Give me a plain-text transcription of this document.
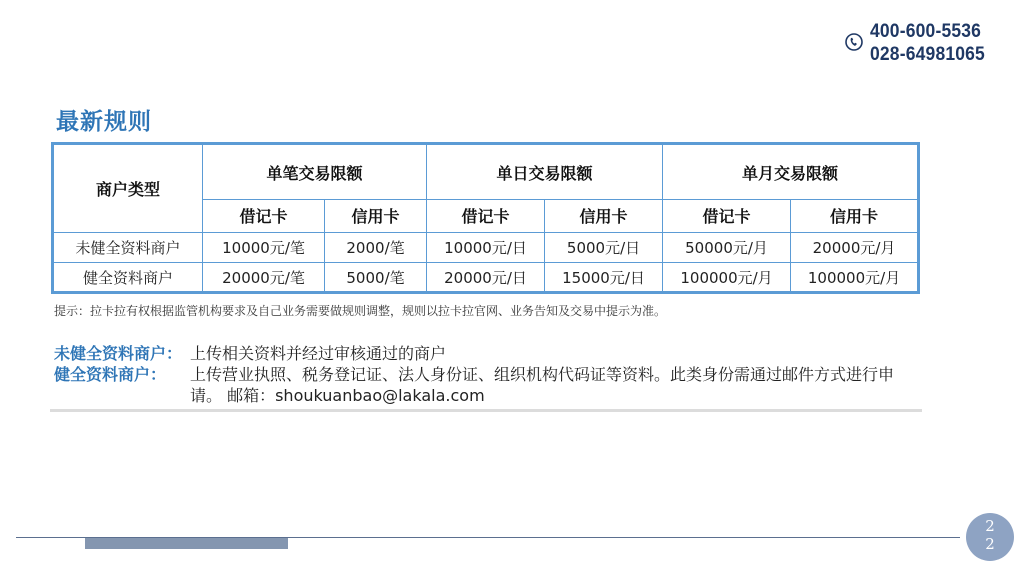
400-600-5536
028-64981065
最新规则
商户类型	单笔交易限额		单日交易限额		单月交易限额	
	借记卡	信用卡	借记卡	信用卡	借记卡	信用卡
未健全资料商户	10000元/笔	2000/笔	10000元/日	5000元/日	50000元/月	20000元/月
健全资料商户	20000元/笔	5000/笔	20000元/日	15000元/日	100000元/月	100000元/月
提示：拉卡拉有权根据监管机构要求及自己业务需要做规则调整，规则以拉卡拉官网、业务告知及交易中提示为准。
未健全资料商户： 上传相关资料并经过审核通过的商户
健全资料商户： 上传营业执照、税务登记证、法人身份证、组织机构代码证等资料。此类身份需通过邮件方式进行申请。 邮箱：shoukuanbao@lakala.com
22
